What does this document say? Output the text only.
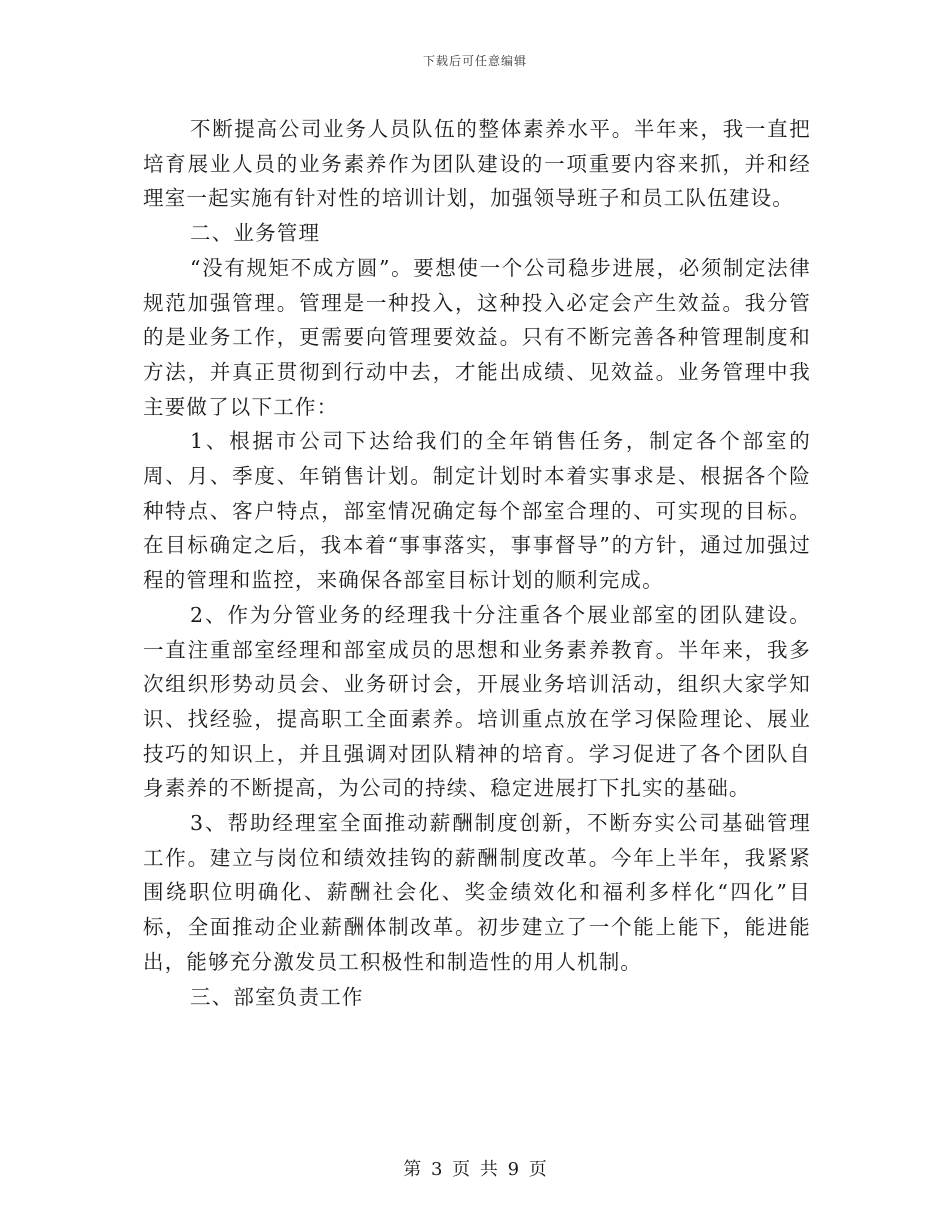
下载后可任意编辑

不断提高公司业务人员队伍的整体素养水平。半年来，我一直把培育展业人员的业务素养作为团队建设的一项重要内容来抓，并和经理室一起实施有针对性的培训计划，加强领导班子和员工队伍建设。

二、业务管理

“没有规矩不成方圆”。要想使一个公司稳步进展，必须制定法律规范加强管理。管理是一种投入，这种投入必定会产生效益。我分管的是业务工作，更需要向管理要效益。只有不断完善各种管理制度和方法，并真正贯彻到行动中去，才能出成绩、见效益。业务管理中我主要做了以下工作：

1、根据市公司下达给我们的全年销售任务，制定各个部室的周、月、季度、年销售计划。制定计划时本着实事求是、根据各个险种特点、客户特点，部室情况确定每个部室合理的、可实现的目标。在目标确定之后，我本着“事事落实，事事督导”的方针，通过加强过程的管理和监控，来确保各部室目标计划的顺利完成。

2、作为分管业务的经理我十分注重各个展业部室的团队建设。一直注重部室经理和部室成员的思想和业务素养教育。半年来，我多次组织形势动员会、业务研讨会，开展业务培训活动，组织大家学知识、找经验，提高职工全面素养。培训重点放在学习保险理论、展业技巧的知识上，并且强调对团队精神的培育。学习促进了各个团队自身素养的不断提高，为公司的持续、稳定进展打下扎实的基础。

3、帮助经理室全面推动薪酬制度创新，不断夯实公司基础管理工作。建立与岗位和绩效挂钩的薪酬制度改革。今年上半年，我紧紧围绕职位明确化、薪酬社会化、奖金绩效化和福利多样化“四化”目标，全面推动企业薪酬体制改革。初步建立了一个能上能下，能进能出，能够充分激发员工积极性和制造性的用人机制。

三、部室负责工作

第 3 页 共 9 页
